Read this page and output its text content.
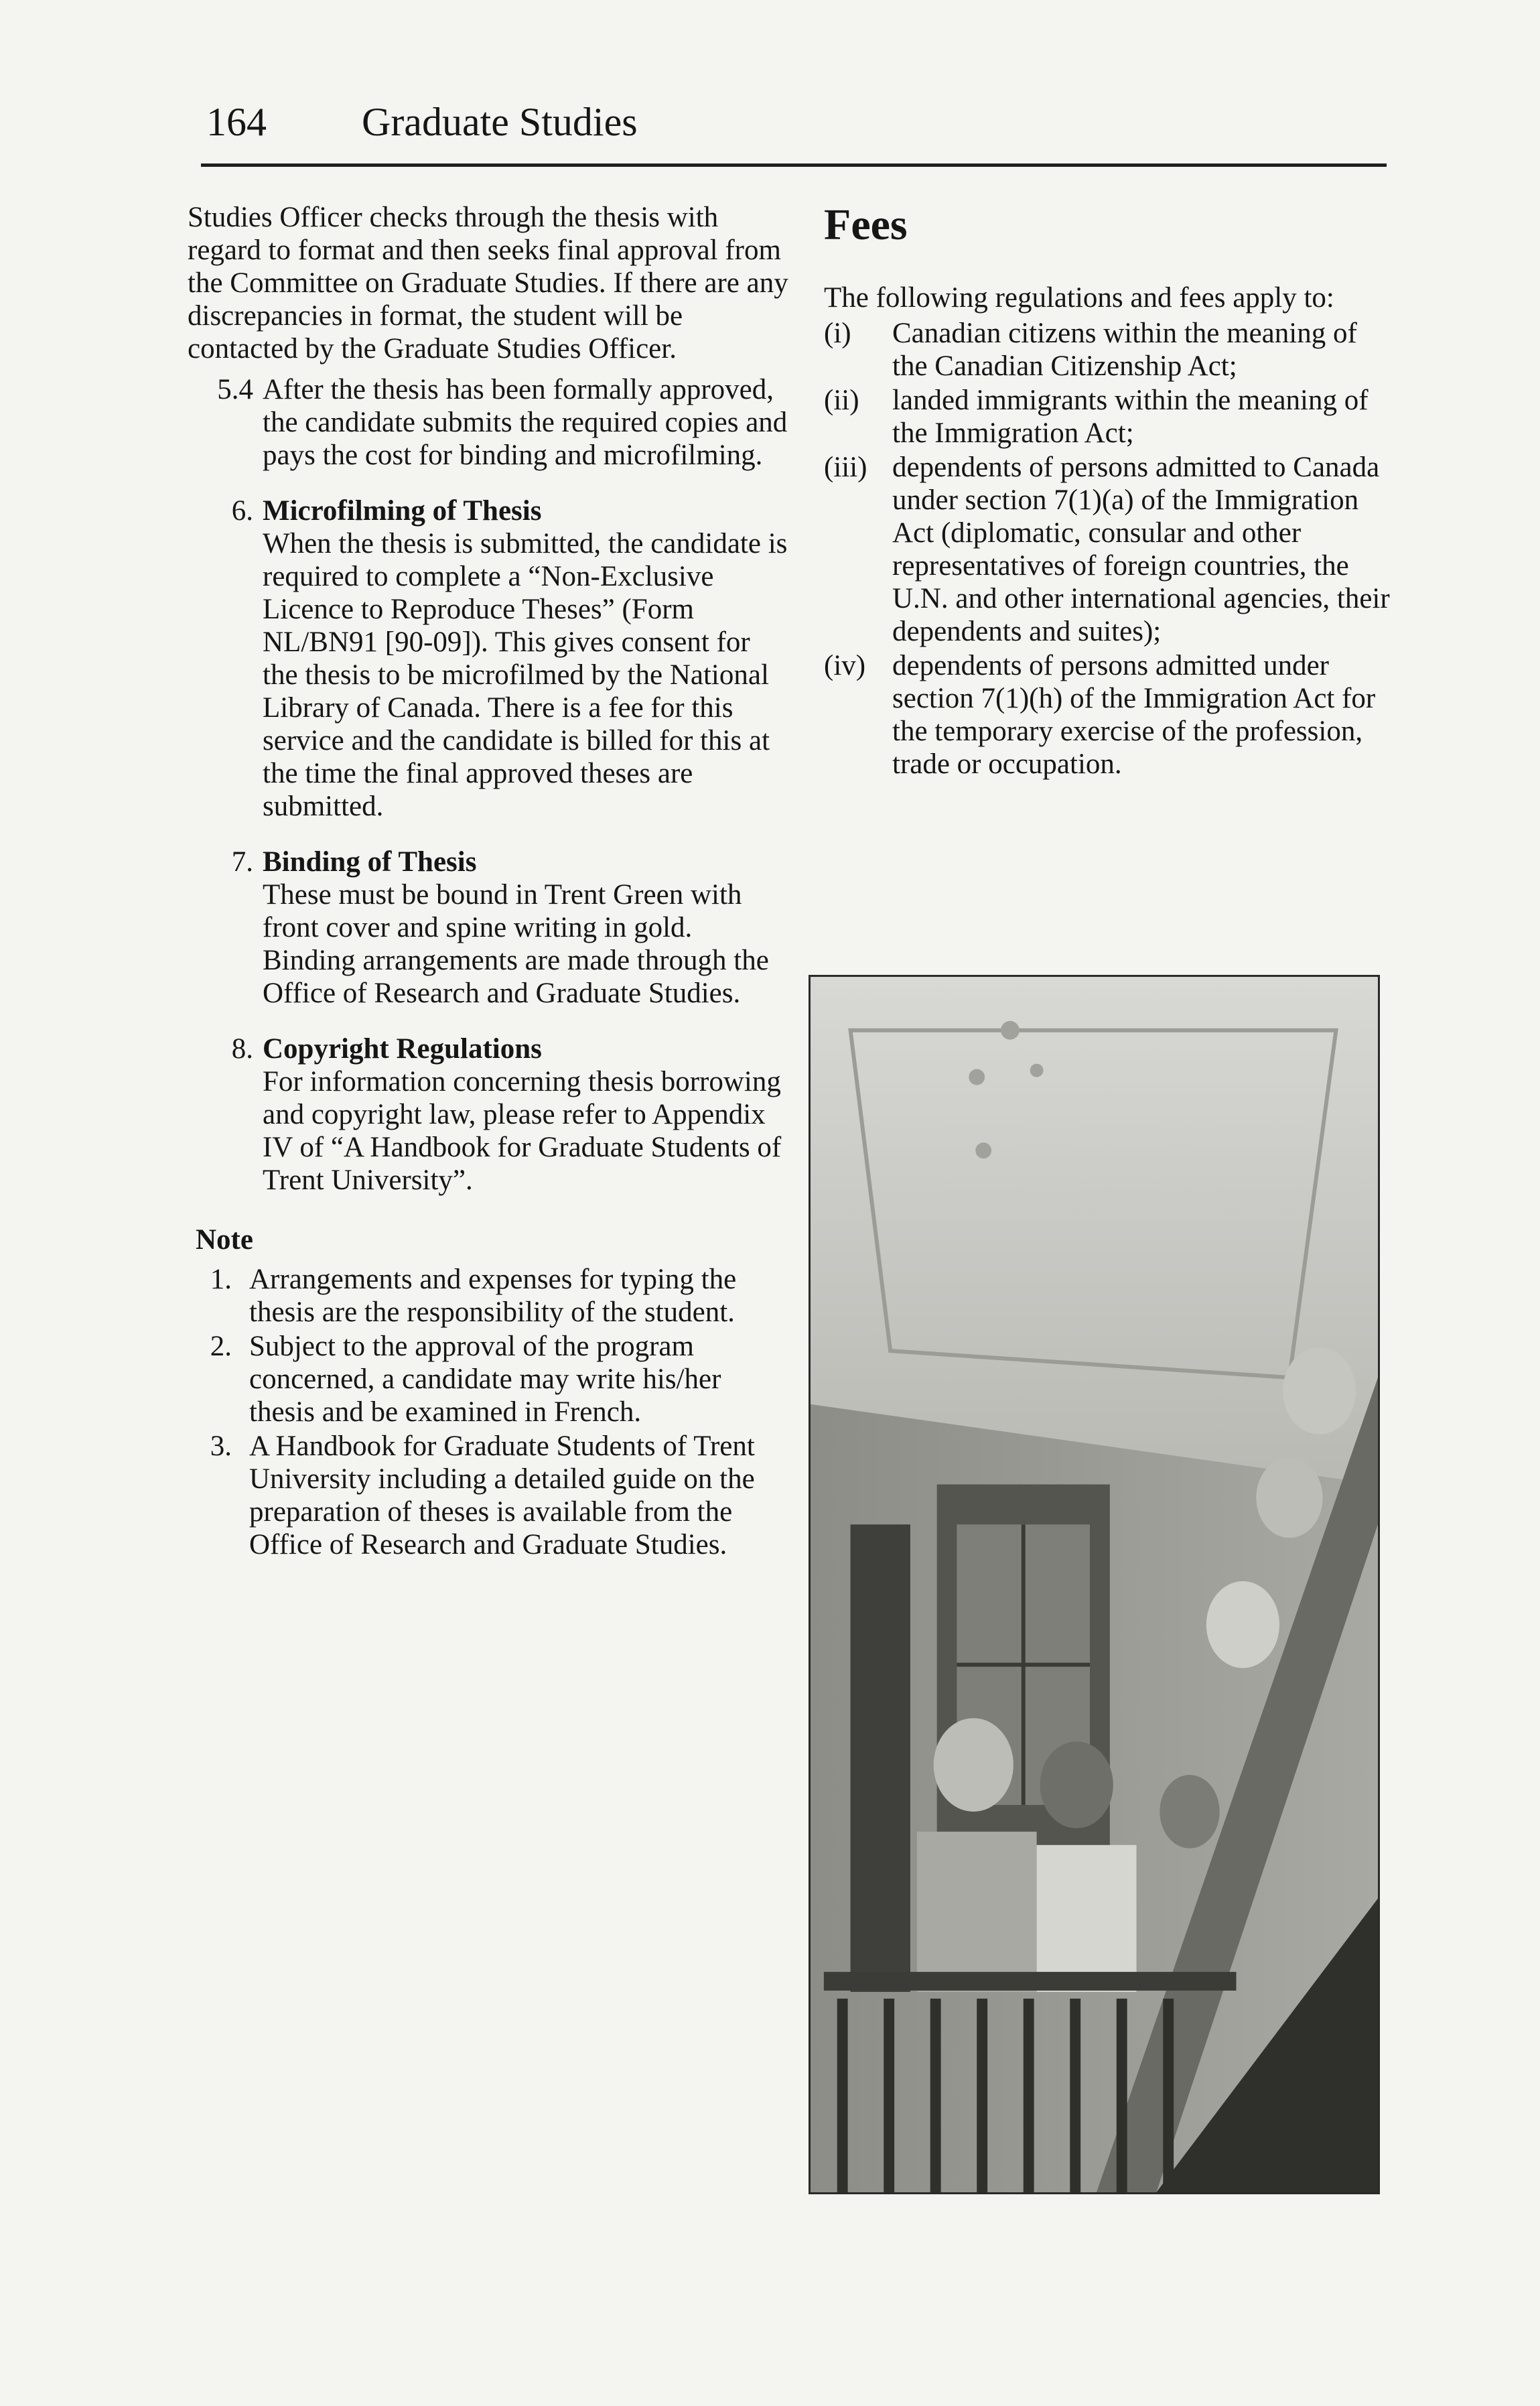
164 Graduate Studies

Studies Officer checks through the thesis with regard to format and then seeks final approval from the Committee on Graduate Studies. If there are any discrepancies in format, the student will be contacted by the Graduate Studies Officer.

5.4 After the thesis has been formally approved, the candidate submits the required copies and pays the cost for binding and microfilming.
6. Microfilming of Thesis
When the thesis is submitted, the candidate is required to complete a “Non-Exclusive Licence to Reproduce Theses” (Form NL/BN91 [90-09]). This gives consent for the thesis to be microfilmed by the National Library of Canada. There is a fee for this service and the candidate is billed for this at the time the final approved theses are submitted.
7. Binding of Thesis
These must be bound in Trent Green with front cover and spine writing in gold. Binding arrangements are made through the Office of Research and Graduate Studies.
8. Copyright Regulations
For information concerning thesis borrowing and copyright law, please refer to Appendix IV of “A Handbook for Graduate Students of Trent University”.
Note
1. Arrangements and expenses for typing the thesis are the responsibility of the student.
2. Subject to the approval of the program concerned, a candidate may write his/her thesis and be examined in French.
3. A Handbook for Graduate Students of Trent University including a detailed guide on the preparation of theses is available from the Office of Research and Graduate Studies.
Fees
The following regulations and fees apply to:
(i)	Canadian citizens within the meaning of the Canadian Citizenship Act;
(ii)	landed immigrants within the meaning of the Immigration Act;
(iii) dependents of persons admitted to Canada under section 7(1)(a) of the Immigration Act (diplomatic, consular and other representatives of foreign countries, the U.N. and other international agencies, their dependents and suites);
(iv) dependents of persons admitted under section 7(1)(h) of the Immigration Act for the temporary exercise of the profession, trade or occupation.
